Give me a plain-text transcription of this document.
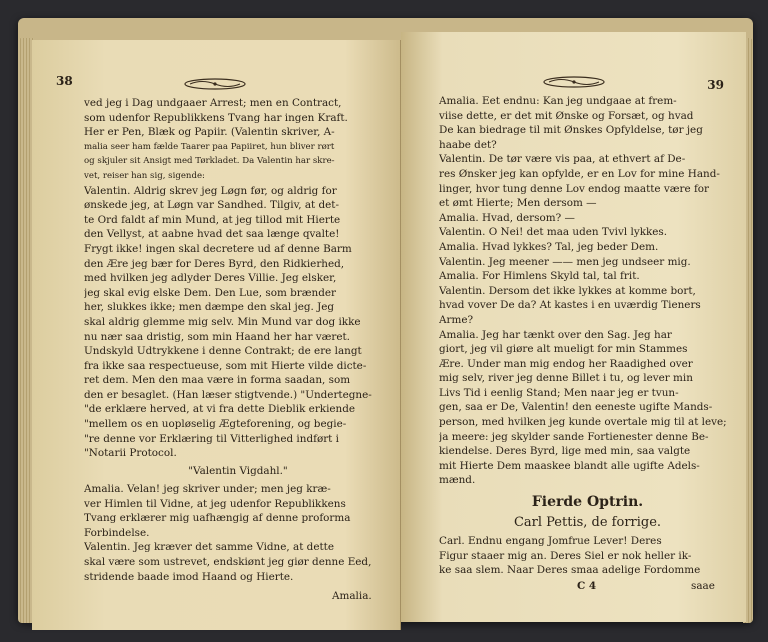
38
ved jeg i Dag undgaaer Arrest; men en Contract,
som udenfor Republikkens Tvang har ingen Kraft.
Her er Pen, Blæk og Papiir. (Valentin skriver, A-
malia seer ham fælde Taarer paa Papiiret, hun bliver rørt
og skjuler sit Ansigt med Tørkladet. Da Valentin har skre-
vet, reiser han sig, sigende:
Valentin. Aldrig skrev jeg Løgn før, og aldrig for
ønskede jeg, at Løgn var Sandhed. Tilgiv, at det-
te Ord faldt af min Mund, at jeg tillod mit Hierte
den Vellyst, at aabne hvad det saa længe qvalte!
Frygt ikke! ingen skal decretere ud af denne Barm
den Ære jeg bær for Deres Byrd, den Ridkierhed,
med hvilken jeg adlyder Deres Villie. Jeg elsker,
jeg skal evig elske Dem. Den Lue, som brænder
her, slukkes ikke; men dæmpe den skal jeg. Jeg
skal aldrig glemme mig selv. Min Mund var dog ikke
nu nær saa dristig, som min Haand her har været.
Undskyld Udtrykkene i denne Contrakt; de ere langt
fra ikke saa respectueuse, som mit Hierte vilde dicte-
ret dem. Men den maa være in forma saadan, som
den er besaglet. (Han læser stigtvende.) "Undertegne-
"de erklære herved, at vi fra dette Dieblik erkiende
"mellem os en uopløselig Ægteforening, og begie-
"re denne vor Erklæring til Vitterlighed indført i
"Notarii Protocol.
"Valentin Vigdahl."
Amalia. Velan! jeg skriver under; men jeg kræ-
ver Himlen til Vidne, at jeg udenfor Republikkens
Tvang erklærer mig uafhængig af denne proforma
Forbindelse.
Valentin. Jeg kræver det samme Vidne, at dette
skal være som ustrevet, endskiønt jeg giør denne Eed,
stridende baade imod Haand og Hierte.
Amalia.
39
Amalia. Eet endnu: Kan jeg undgaae at frem-
viise dette, er det mit Ønske og Forsæt, og hvad
De kan biedrage til mit Ønskes Opfyldelse, tør jeg
haabe det?
Valentin. De tør være vis paa, at ethvert af De-
res Ønsker jeg kan opfylde, er en Lov for mine Hand-
linger, hvor tung denne Lov endog maatte være for
et ømt Hierte; Men dersom —
Amalia. Hvad, dersom? —
Valentin. O Nei! det maa uden Tvivl lykkes.
Amalia. Hvad lykkes? Tal, jeg beder Dem.
Valentin. Jeg meener —— men jeg undseer mig.
Amalia. For Himlens Skyld tal, tal frit.
Valentin. Dersom det ikke lykkes at komme bort,
hvad vover De da? At kastes i en uværdig Tieners
Arme?
Amalia. Jeg har tænkt over den Sag. Jeg har
giort, jeg vil giøre alt mueligt for min Stammes
Ære. Under man mig endog her Raadighed over
mig selv, river jeg denne Billet i tu, og lever min
Livs Tid i eenlig Stand; Men naar jeg er tvun-
gen, saa er De, Valentin! den eeneste ugifte Mands-
person, med hvilken jeg kunde overtale mig til at leve;
ja meere: jeg skylder sande Fortienester denne Be-
kiendelse. Deres Byrd, lige med min, saa valgte
mit Hierte Dem maaskee blandt alle ugifte Adels-
mænd.
Fierde Optrin.
Carl Pettis, de forrige.
Carl. Endnu engang Jomfrue Lever! Deres
Figur staaer mig an. Deres Siel er nok heller ik-
ke saa slem. Naar Deres smaa adelige Fordomme
C 4	saae
